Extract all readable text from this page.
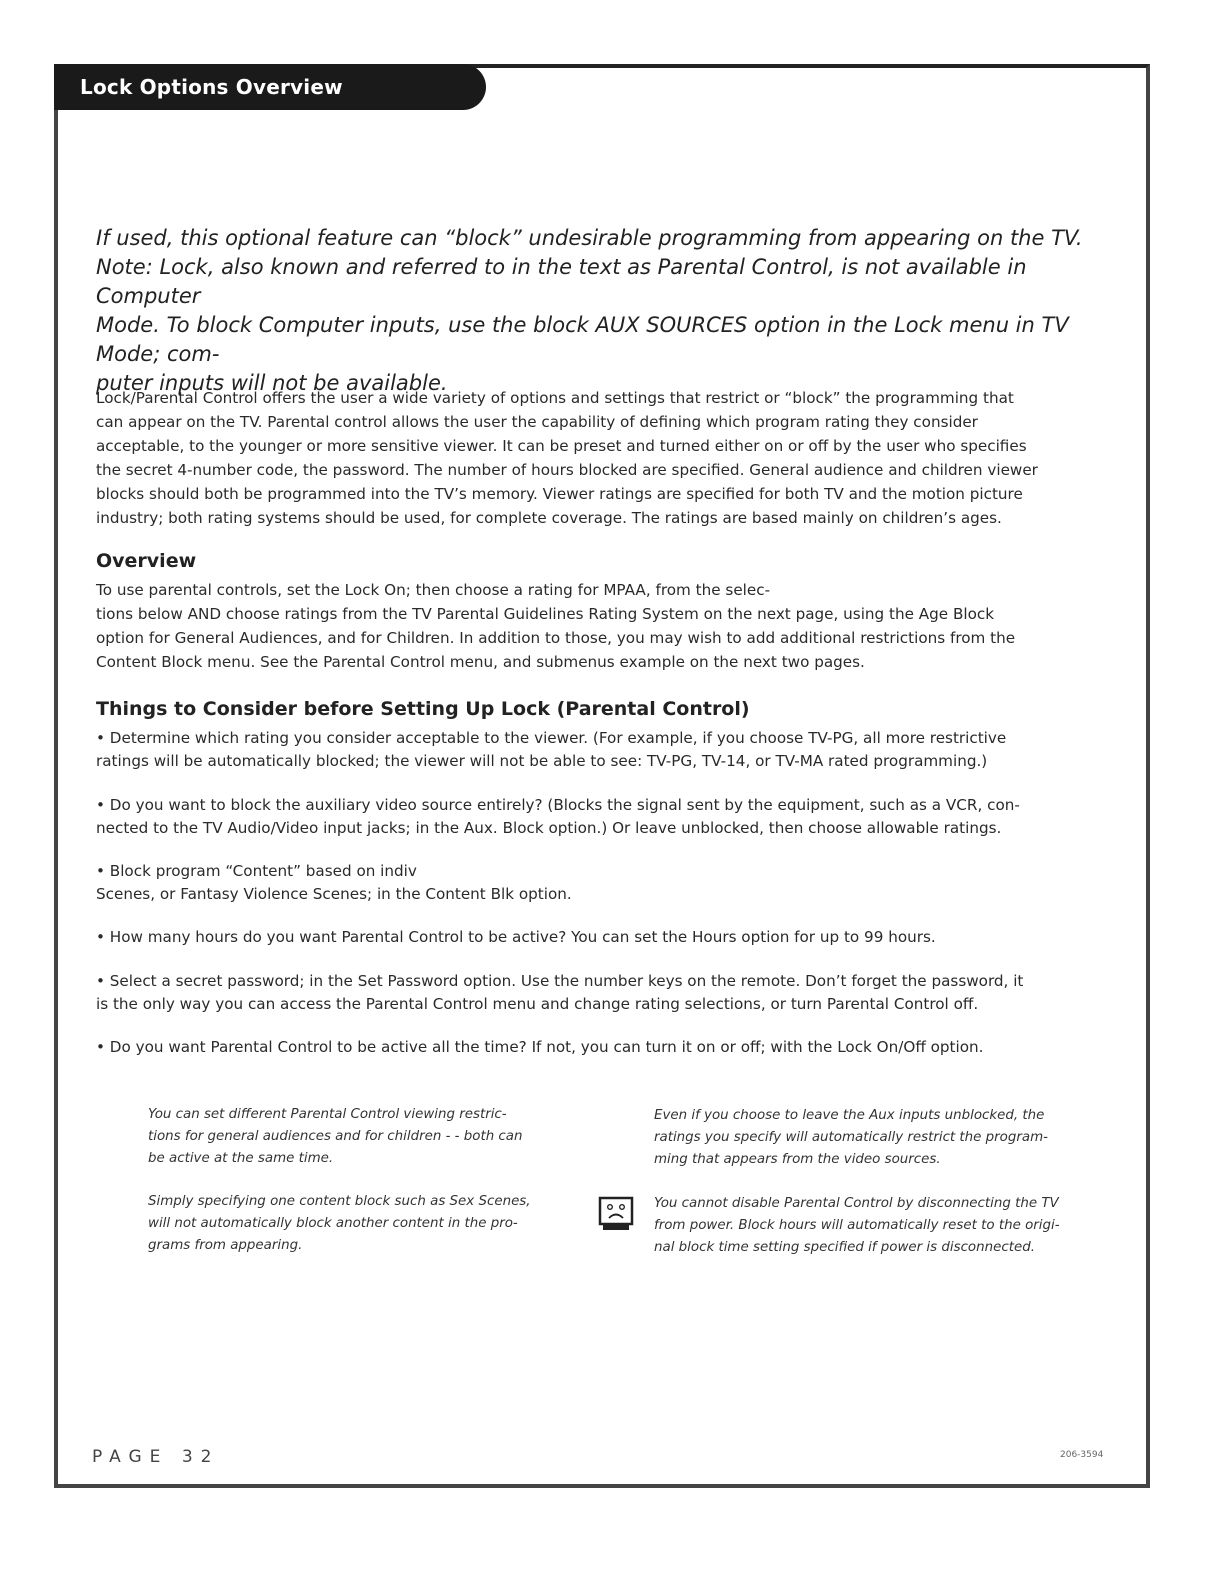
Lock Options Overview
If used, this optional feature can “block” undesirable programming from appearing on the TV.
Note: Lock, also known and referred to in the text as Parental Control, is not available in Computer
Mode. To block Computer inputs, use the block AUX SOURCES option in the Lock menu in TV Mode; com-
puter inputs will not be available.
Lock/Parental Control offers the user a wide variety of options and settings that restrict or “block” the programming that
can appear on the TV. Parental control allows the user the capability of defining which program rating they consider
acceptable, to the younger or more sensitive viewer. It can be preset and turned either on or off by the user who specifies
the secret 4-number code, the password. The number of hours blocked are specified. General audience and children viewer
blocks should both be programmed into the TV’s memory. Viewer ratings are specified for both TV and the motion picture
industry; both rating systems should be used, for complete coverage. The ratings are based mainly on children’s ages.
Overview
To use parental controls, set the Lock On; then choose a rating for MPAA, from the selec-
tions below AND choose ratings from the TV Parental Guidelines Rating System on the next page, using the Age Block
option for General Audiences, and for Children. In addition to those, you may wish to add additional restrictions from the
Content Block menu. See the Parental Control menu, and submenus example on the next two pages.
Things to Consider before Setting Up Lock (Parental Control)
• Determine which rating you consider acceptable to the viewer. (For example, if you choose TV-PG, all more restrictive
ratings will be automatically blocked; the viewer will not be able to see: TV-PG, TV-14, or TV-MA rated programming.)
• Do you want to block the auxiliary video source entirely? (Blocks the signal sent by the equipment, such as a VCR, con-
nected to the TV Audio/Video input jacks; in the Aux. Block option.) Or leave unblocked, then choose allowable ratings.
• Block program “Content” based on indiv
Scenes, or Fantasy Violence Scenes; in the Content Blk option.
• How many hours do you want Parental Control to be active? You can set the Hours option for up to 99 hours.
• Select a secret password; in the Set Password option. Use the number keys on the remote. Don’t forget the password, it
is the only way you can access the Parental Control menu and change rating selections, or turn Parental Control off.
• Do you want Parental Control to be active all the time? If not, you can turn it on or off; with the Lock On/Off option.
You can set different Parental Control viewing restric-
tions for general audiences and for children - - both can
be active at the same time.
Simply specifying one content block such as Sex Scenes,
will not automatically block another content in the pro-
grams from appearing.
Even if you choose to leave the Aux inputs unblocked, the
ratings you specify will automatically restrict the program-
ming that appears from the video sources.
You cannot disable Parental Control by disconnecting the TV
from power. Block hours will automatically reset to the origi-
nal block time setting specified if power is disconnected.
PAGE 32	206-3594
